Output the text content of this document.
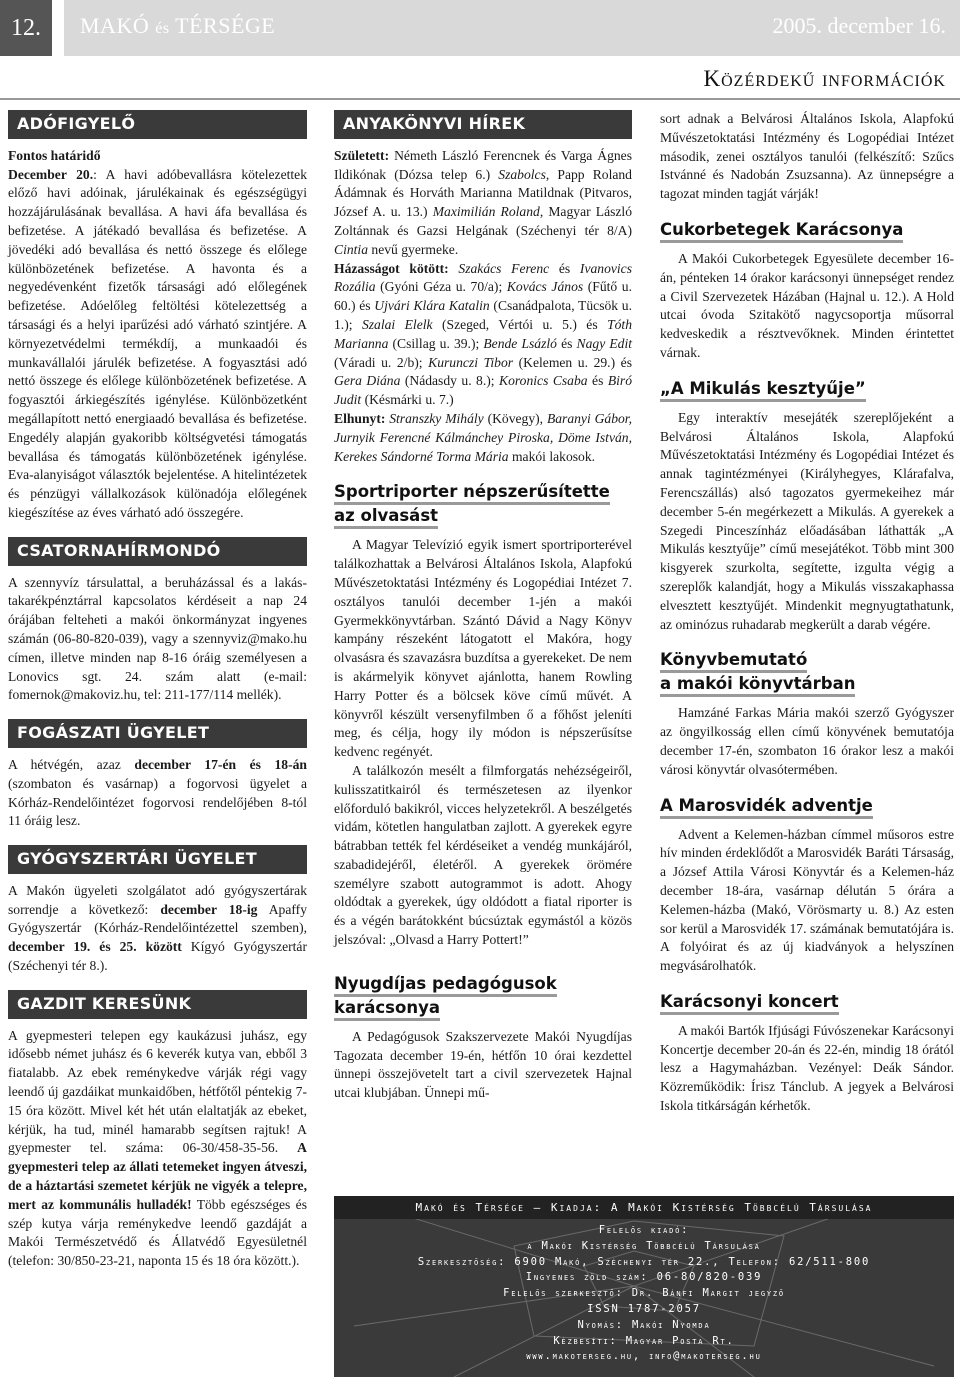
12.	MAKÓ és TÉRSÉGE	2005. december 16.
Közérdekű információk
ADÓFIGYELŐ

Fontos határidő

December 20.: A havi adóbevallásra kötelezettek előző havi adóinak, járulékainak és egészségügyi hozzájárulásának bevallása. A havi áfa bevallása és befizetése. A játékadó bevallása és befizetése. A jövedéki adó bevallása és nettó összege és előlege különbözetének befizetése. A havonta és a negyedévenként fizetők társasági adó előlegének befizetése. Adóelőleg feltöltési kötelezettség a társasági és a helyi iparűzési adó várható szintjére. A környezetvédelmi termékdíj, a munkaadói és munkavállalói járulék befizetése. A fogyasztási adó nettó összege és előlege különbözetének befizetése. A fogyasztói árkiegészítés igénylése. Különbözetként megállapított nettó energiaadó bevallása és befizetése. Engedély alapján gyakoribb költségvetési támogatás bevallása és támogatás különbözetének igénylése. Eva-alanyiságot választók bejelentése. A hitelintézetek és pénzügyi vállalkozások különadója előlegének kiegészítése az éves várható adó összegére.

CSATORNAHÍRMONDÓ

A szennyvíz társulattal, a beruházással és a lakás-takarékpénztárral kapcsolatos kérdéseit a nap 24 órájában felteheti a makói önkormányzat ingyenes számán (06-80-820-039), vagy a szennyviz@mako.hu címen, illetve minden nap 8-16 óráig személyesen a Lonovics sgt. 24. szám alatt (e-mail: fomernok@makoviz.hu, tel: 211-177/114 mellék).

FOGÁSZATI ÜGYELET

A hétvégén, azaz december 17-én és 18-án (szombaton és vasárnap) a fogorvosi ügyelet a Kórház-Rendelőintézet fogorvosi rendelőjében 8-tól 11 óráig lesz.

GYÓGYSZERTÁRI ÜGYELET

A Makón ügyeleti szolgálatot adó gyógyszertárak sorrendje a következő: december 18-ig Apaffy Gyógyszertár (Kórház-Rendelőintézettel szemben), december 19. és 25. között Kígyó Gyógyszertár (Széchenyi tér 8.).

GAZDIT KERESÜNK

A gyepmesteri telepen egy kaukázusi juhász, egy idősebb német juhász és 6 keverék kutya van, ebből 3 fiatalabb. Az ebek reménykedve várják régi vagy leendő új gazdáikat munkaidőben, hétfőtől péntekig 7-15 óra között. Mivel két hét után elaltatják az ebeket, kérjük, ha tud, minél hamarabb segítsen rajtuk! A gyepmester tel. száma: 06-30/458-35-56. A gyepmesteri telep az állati tetemeket ingyen átveszi, de a háztartási szemetet kérjük ne vigyék a telepre, mert az kommunális hulladék! Több egészséges és szép kutya várja reménykedve leendő gazdáját a Makói Természetvédő és Állatvédő Egyesületnél (telefon: 30/850-23-21, naponta 15 és 18 óra között.).

ANYAKÖNYVI HÍREK

Született: Németh László Ferencnek és Varga Ágnes Ildikónak (Dózsa telep 6.) Szabolcs, Papp Roland Ádámnak és Horváth Marianna Matildnak (Pitvaros, József A. u. 13.) Maximilián Roland, Magyar László Zoltánnak és Gazsi Helgának (Széchenyi tér 8/A) Cintia nevű gyermeke.

Házasságot kötött: Szakács Ferenc és Ivanovics Rozália (Gyóni Géza u. 70/a); Kovács János (Fűtő u. 60.) és Ujvári Klára Katalin (Csanádpalota, Tücsök u. 1.); Szalai Elelk (Szeged, Vértói u. 5.) és Tóth Marianna (Csillag u. 39.); Bende Lsázló és Nagy Edit (Váradi u. 2/b); Kurunczi Tibor (Kelemen u. 29.) és Gera Diána (Nádasdy u. 8.); Koronics Csaba és Biró Judit (Késmárki u. 7.)

Elhunyt: Stranszky Mihály (Kövegy), Baranyi Gábor, Jurnyik Ferencné Kálmánchey Piroska, Döme István, Kerekes Sándorné Torma Mária makói lakosok.

Sportriporter népszerűsítette
az olvasást

A Magyar Televízió egyik ismert sportriporterével találkozhattak a Belvárosi Általános Iskola, Alapfokú Művészetoktatási Intézmény és Logopédiai Intézet 7. osztályos tanulói december 1-jén a makói Gyermekkönyvtárban. Szántó Dávid a Nagy Könyv kampány részeként látogatott el Makóra, hogy olvasásra és szavazásra buzdítsa a gyerekeket. De nem is akármelyik könyvet ajánlotta, hanem Rowling Harry Potter és a bölcsek köve című művét. A könyvről készült versenyfilmben ő a főhőst jeleníti meg, és célja, hogy ily módon is népszerűsítse kedvenc regényét.

A találkozón mesélt a filmforgatás nehézségeiről, kulisszatitkairól és természetesen az ilyenkor előforduló bakikról, vicces helyzetekről. A beszélgetés vidám, kötetlen hangulatban zajlott. A gyerekek egyre bátrabban tették fel kérdéseiket a vendég munkájáról, szabadidejéről, életéről. A gyerekek örömére személyre szabott autogrammot is adott. Ahogy oldódtak a gyerekek, úgy oldódott a fiatal riporter is és a végén barátokként búcsúztak egymástól a közös jelszóval: „Olvasd a Harry Pottert!”

Nyugdíjas pedagógusok
karácsonya

A Pedagógusok Szakszervezete Makói Nyugdíjas Tagozata december 19-én, hétfőn 10 órai kezdettel ünnepi összejövetelt tart a civil szervezetek Hajnal utcai klubjában. Ünnepi mű-

sort adnak a Belvárosi Általános Iskola, Alapfokú Művészetoktatási Intézmény és Logopédiai Intézet második, zenei osztályos tanulói (felkészítő: Szűcs Istvánné és Nadobán Zsuzsanna). Az ünnepségre a tagozat minden tagját várják!

Cukorbetegek Karácsonya

A Makói Cukorbetegek Egyesülete december 16-án, pénteken 14 órakor karácsonyi ünnepséget rendez a Civil Szervezetek Házában (Hajnal u. 12.). A Hold utcai óvoda Szitakötő nagycsoportja műsorral kedveskedik a résztvevőknek. Minden érintettet várnak.

„A Mikulás kesztyűje”

Egy interaktív mesejáték szereplőjeként a Belvárosi Általános Iskola, Alapfokú Művészetoktatási Intézmény és Logopédiai Intézet és annak tagintézményei (Királyhegyes, Klárafalva, Ferencszállás) alsó tagozatos gyermekeihez már december 5-én megérkezett a Mikulás. A gyerekek a Szegedi Pinceszínház előadásában láthatták „A Mikulás kesztyűje” című mesejátékot. Több mint 300 kisgyerek szurkolta, segítette, izgulta végig a szereplők kalandját, hogy a Mikulás visszakaphassa elvesztett kesztyűjét. Mindenkit megnyugtathatunk, az ominózus ruhadarab megkerült a darab végére.

Könyvbemutató
a makói könyvtárban

Hamzáné Farkas Mária makói szerző Gyógyszer az öngyilkosság ellen című könyvének bemutatója december 17-én, szombaton 16 órakor lesz a makói városi könyvtár olvasótermében.

A Marosvidék adventje

Advent a Kelemen-házban címmel műsoros estre hív minden érdeklődőt a Marosvidék Baráti Társaság, a József Attila Városi Könyvtár és a Kelemen-ház december 18-ára, vasárnap délután 5 órára a Kelemen-házba (Makó, Vörösmarty u. 8.) Az esten sor kerül a Marosvidék 17. számának bemutatójára is. A folyóirat és az új kiadványok a helyszínen megvásárolhatók.

Karácsonyi koncert

A makói Bartók Ifjúsági Fúvószenekar Karácsonyi Koncertje december 20-án és 22-én, mindig 18 órától lesz a Hagymaházban. Vezényel: Deák Sándor. Közreműködik: Írisz Tánclub. A jegyek a Belvárosi Iskola titkárságán kérhetők.

Makó és Térsége – Kiadja: A Makói Kistérség Többcélú Társulása
Felelős kiadó:
a Makói Kistérség Többcélú Társulása
Szerkesztőség: 6900 Makó, Széchenyi tér 22., Telefon: 62/511-800
Ingyenes zöld szám: 06-80/820-039
Felelős szerkesztő: Dr. Bánfi Margit jegyző
ISSN 1787-2057
Nyomás: Makói Nyomda
Kézbesíti: Magyar Posta Rt.
www.makoterseg.hu, info@makoterseg.hu
